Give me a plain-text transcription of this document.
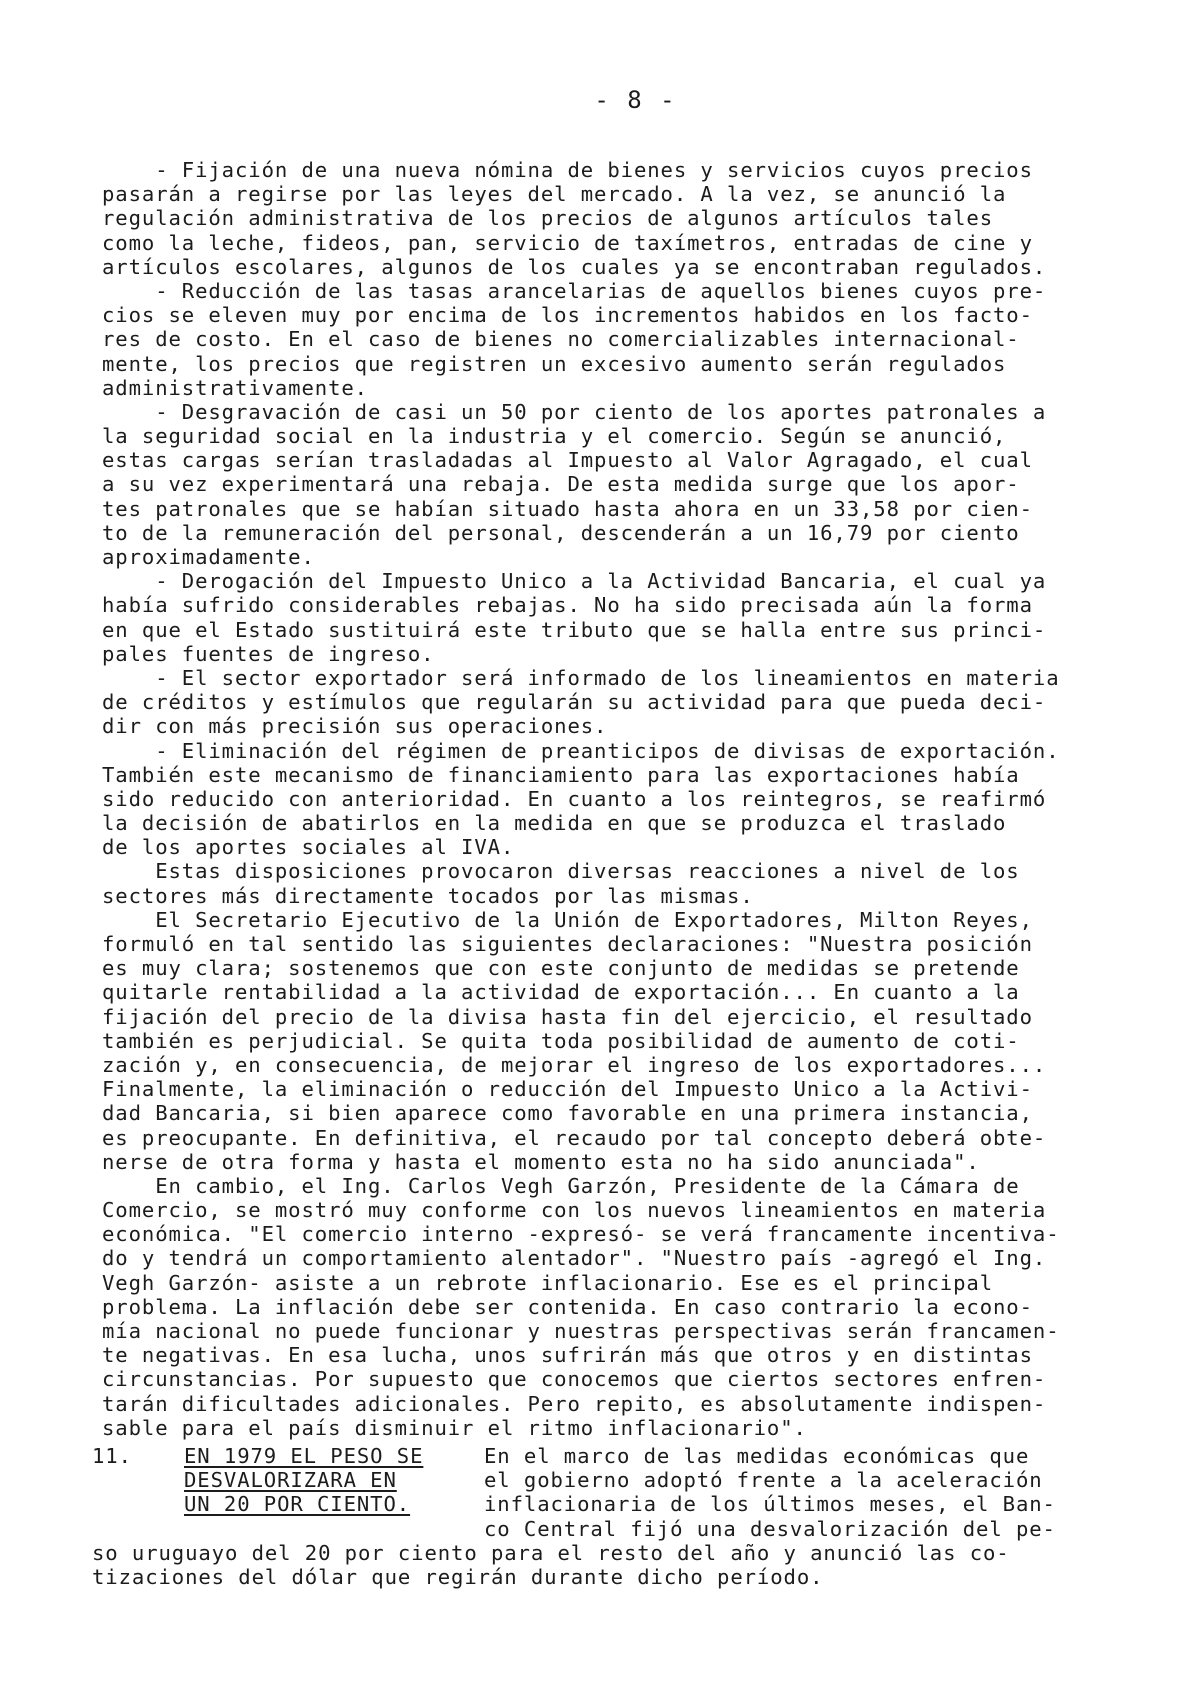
- 8 -
- Fijación de una nueva nómina de bienes y servicios cuyos precios
pasarán a regirse por las leyes del mercado. A la vez, se anunció la
regulación administrativa de los precios de algunos artículos tales
como la leche, fideos, pan, servicio de taxímetros, entradas de cine y
artículos escolares, algunos de los cuales ya se encontraban regulados.
- Reducción de las tasas arancelarias de aquellos bienes cuyos pre-
cios se eleven muy por encima de los incrementos habidos en los facto-
res de costo. En el caso de bienes no comercializables internacional-
mente, los precios que registren un excesivo aumento serán regulados
administrativamente.
- Desgravación de casi un 50 por ciento de los aportes patronales a
la seguridad social en la industria y el comercio. Según se anunció,
estas cargas serían trasladadas al Impuesto al Valor Agragado, el cual
a su vez experimentará una rebaja. De esta medida surge que los apor-
tes patronales que se habían situado hasta ahora en un 33,58 por cien-
to de la remuneración del personal, descenderán a un 16,79 por ciento
aproximadamente.
- Derogación del Impuesto Unico a la Actividad Bancaria, el cual ya
había sufrido considerables rebajas. No ha sido precisada aún la forma
en que el Estado sustituirá este tributo que se halla entre sus princi-
pales fuentes de ingreso.
- El sector exportador será informado de los lineamientos en materia
de créditos y estímulos que regularán su actividad para que pueda deci-
dir con más precisión sus operaciones.
- Eliminación del régimen de preanticipos de divisas de exportación.
También este mecanismo de financiamiento para las exportaciones había
sido reducido con anterioridad. En cuanto a los reintegros, se reafirmó
la decisión de abatirlos en la medida en que se produzca el traslado
de los aportes sociales al IVA.
Estas disposiciones provocaron diversas reacciones a nivel de los
sectores más directamente tocados por las mismas.
El Secretario Ejecutivo de la Unión de Exportadores, Milton Reyes,
formuló en tal sentido las siguientes declaraciones: "Nuestra posición
es muy clara; sostenemos que con este conjunto de medidas se pretende
quitarle rentabilidad a la actividad de exportación... En cuanto a la
fijación del precio de la divisa hasta fin del ejercicio, el resultado
también es perjudicial. Se quita toda posibilidad de aumento de coti-
zación y, en consecuencia, de mejorar el ingreso de los exportadores...
Finalmente, la eliminación o reducción del Impuesto Unico a la Activi-
dad Bancaria, si bien aparece como favorable en una primera instancia,
es preocupante. En definitiva, el recaudo por tal concepto deberá obte-
nerse de otra forma y hasta el momento esta no ha sido anunciada".
En cambio, el Ing. Carlos Vegh Garzón, Presidente de la Cámara de
Comercio, se mostró muy conforme con los nuevos lineamientos en materia
económica. "El comercio interno -expresó- se verá francamente incentiva-
do y tendrá un comportamiento alentador". "Nuestro país -agregó el Ing.
Vegh Garzón- asiste a un rebrote inflacionario. Ese es el principal
problema. La inflación debe ser contenida. En caso contrario la econo-
mía nacional no puede funcionar y nuestras perspectivas serán francamen-
te negativas. En esa lucha, unos sufrirán más que otros y en distintas
circunstancias. Por supuesto que conocemos que ciertos sectores enfren-
tarán dificultades adicionales. Pero repito, es absolutamente indispen-
sable para el país disminuir el ritmo inflacionario".
11.	EN 1979 EL PESO SE
DESVALORIZARA EN
UN 20 POR CIENTO.
En el marco de las medidas económicas que
el gobierno adoptó frente a la aceleración
inflacionaria de los últimos meses, el Ban-
co Central fijó una desvalorización del pe-
so uruguayo del 20 por ciento para el resto del año y anunció las co-
tizaciones del dólar que regirán durante dicho período.
